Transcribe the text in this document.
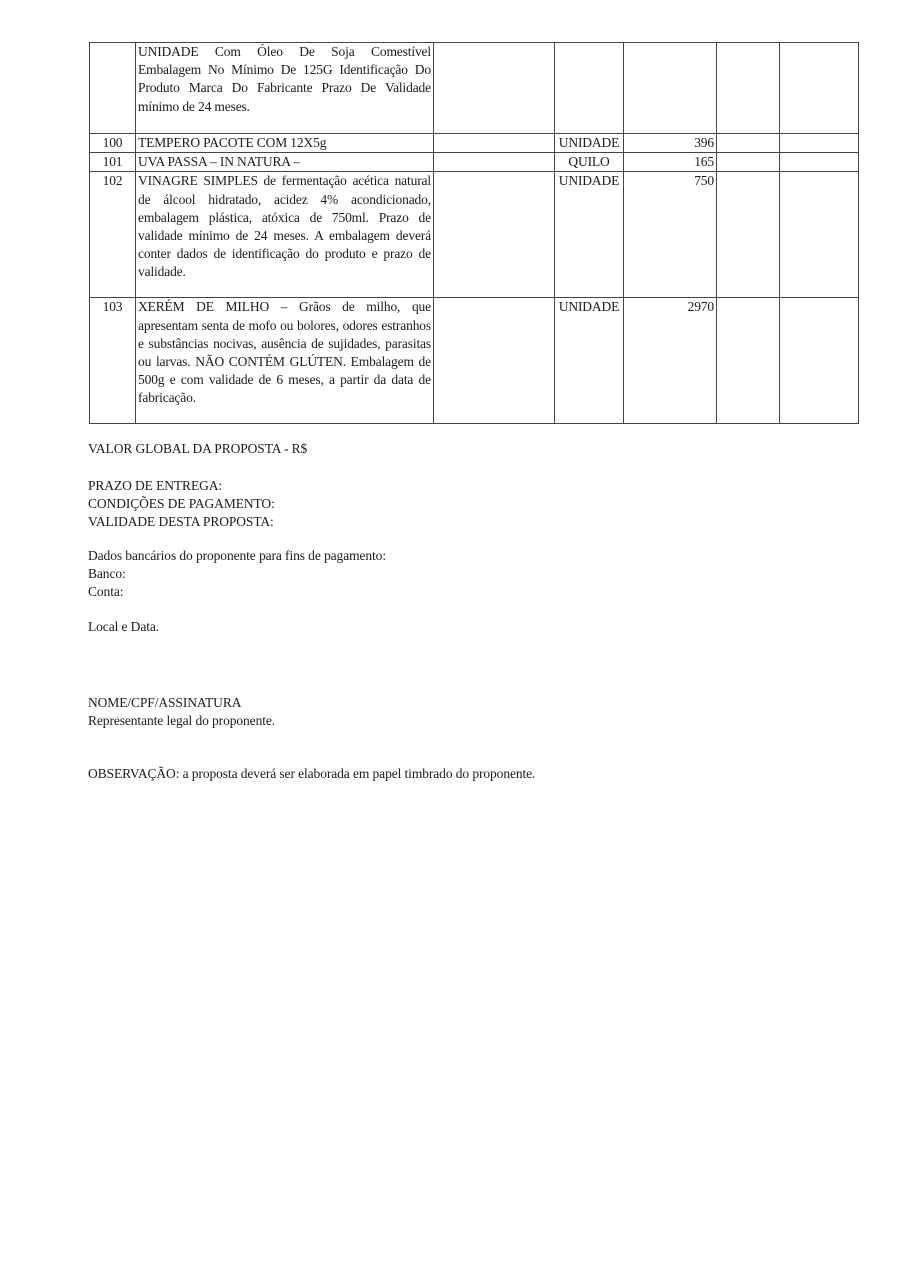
	UNIDADE Com Óleo De Soja Comestível Embalagem No Mínimo De 125G Identificação Do Produto Marca Do Fabricante Prazo De Validade mínimo de 24 meses.					
100	TEMPERO PACOTE COM 12X5g		UNIDADE	396		
101	UVA PASSA – IN NATURA –		QUILO	165		
102	VINAGRE SIMPLES de fermentação acética natural de álcool hidratado, acidez 4% acondicionado, embalagem plástica, atóxica de 750ml. Prazo de validade mínimo de 24 meses. A embalagem deverá conter dados de identificação do produto e prazo de validade.		UNIDADE	750		
103	XERÉM DE MILHO – Grãos de milho, que apresentam senta de mofo ou bolores, odores estranhos e substâncias nocivas, ausência de sujidades, parasitas ou larvas. NÃO CONTÉM GLÚTEN. Embalagem de 500g e com validade de 6 meses, a partir da data de fabricação.		UNIDADE	2970		
VALOR GLOBAL DA PROPOSTA - R$
PRAZO DE ENTREGA:
CONDIÇÕES DE PAGAMENTO:
VALIDADE DESTA PROPOSTA:
Dados bancários do proponente para fins de pagamento:
Banco:
Conta:
Local e Data.
NOME/CPF/ASSINATURA
Representante legal do proponente.
OBSERVAÇÃO: a proposta deverá ser elaborada em papel timbrado do proponente.
